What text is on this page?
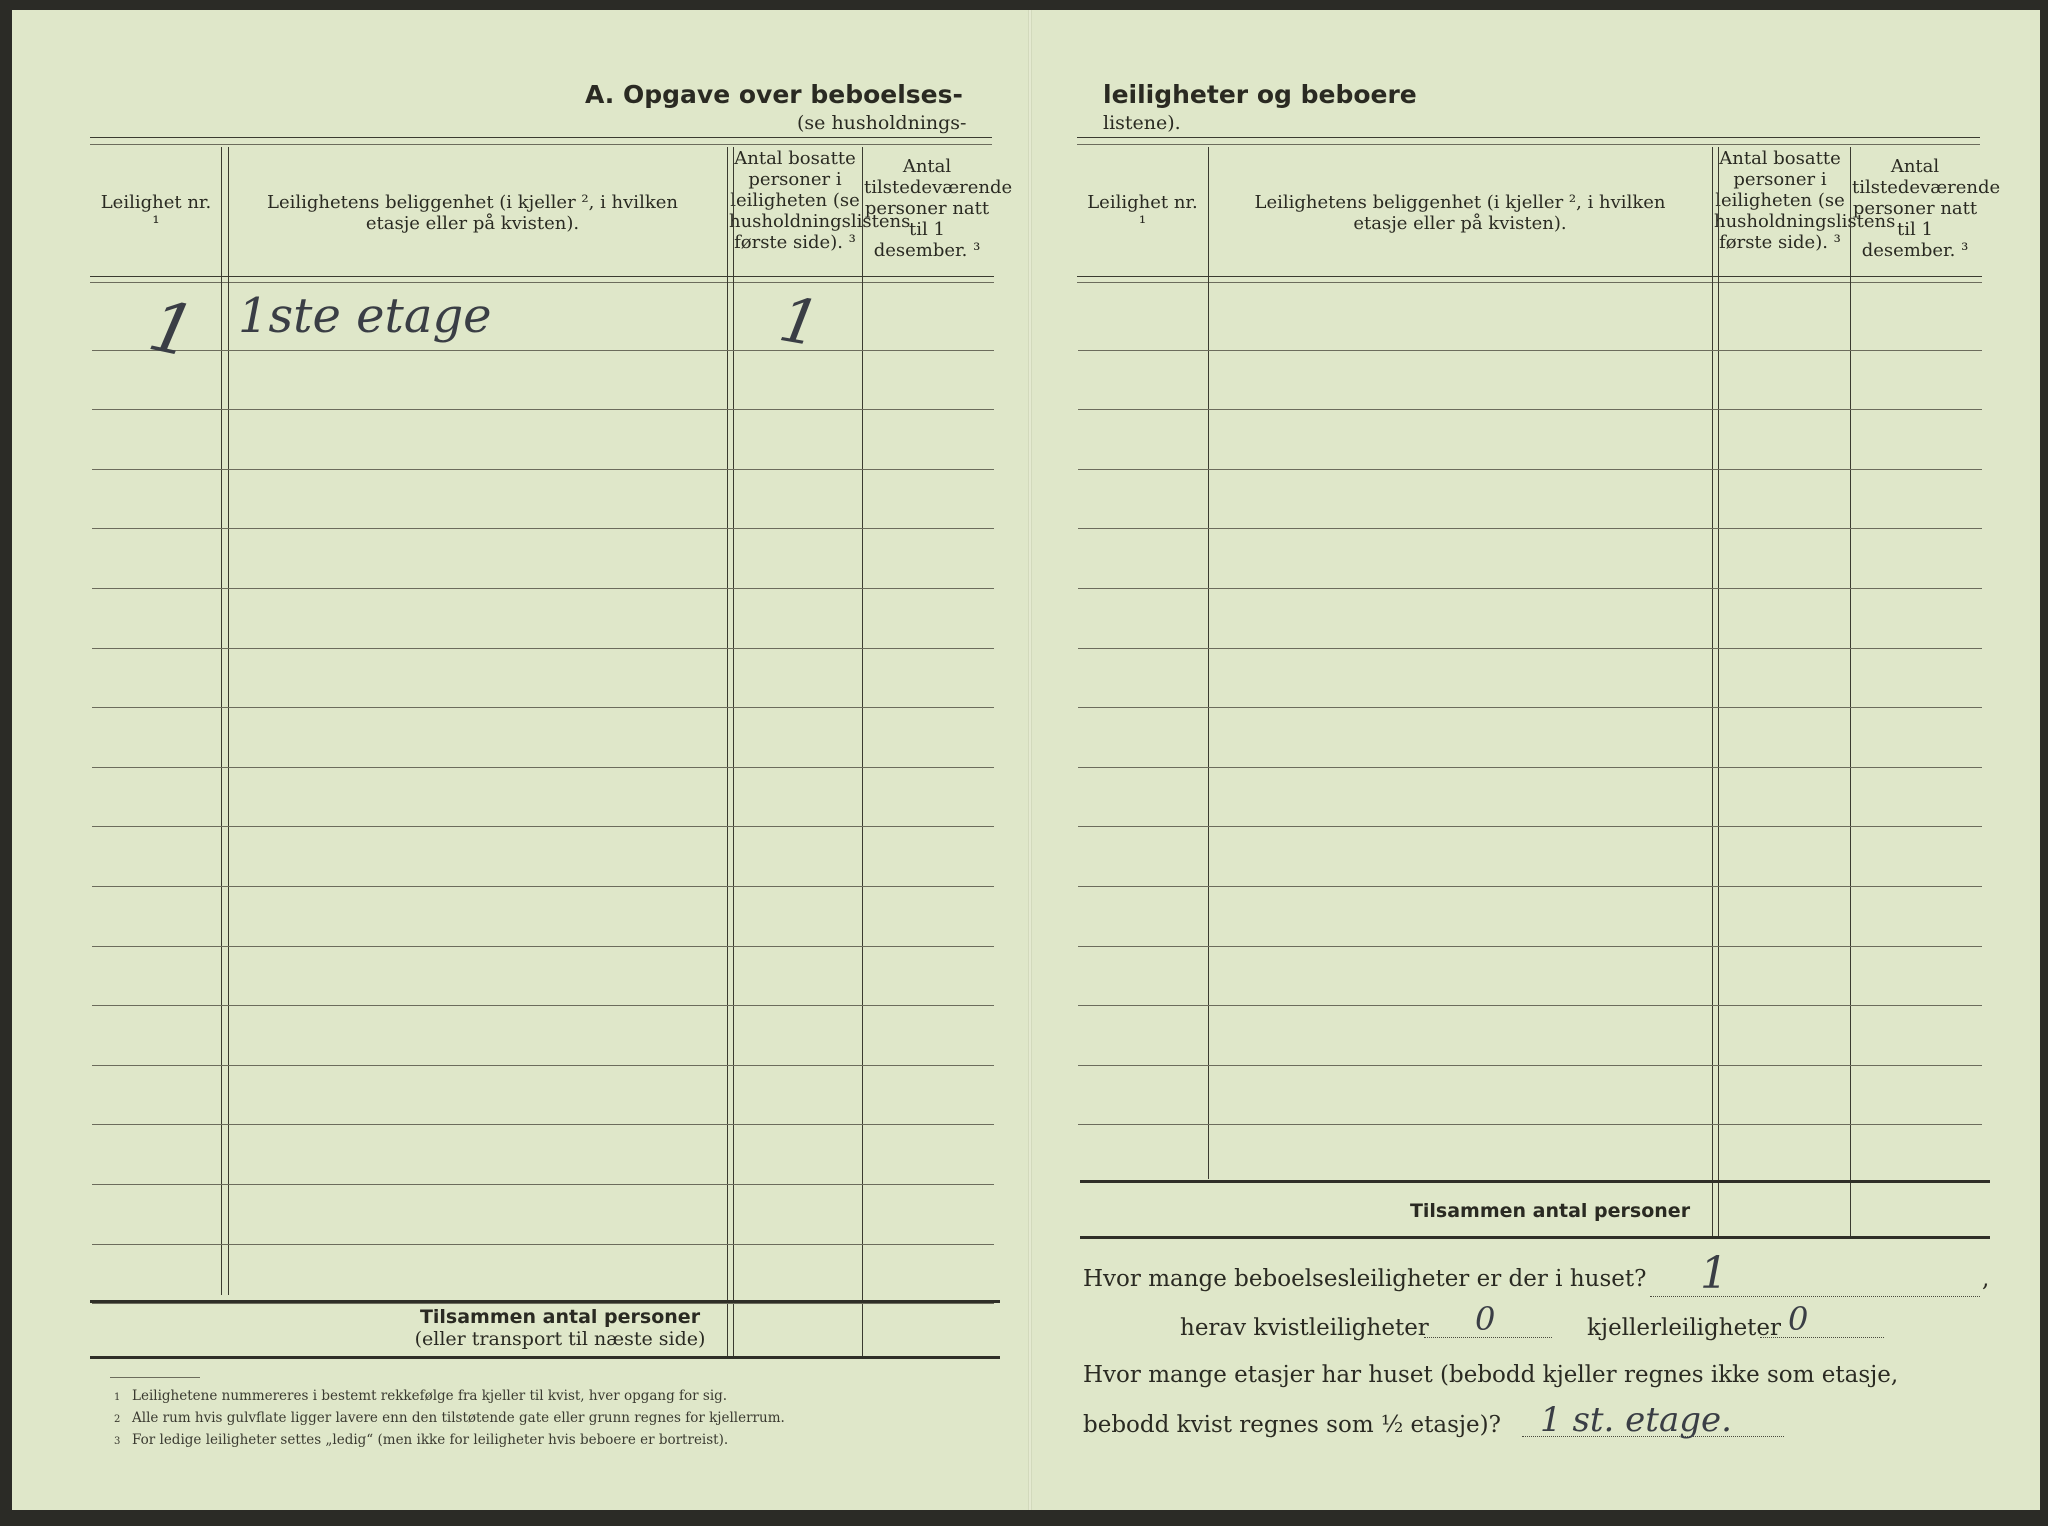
A. Opgave over beboelses-
(se husholdnings-
Leilighet nr. ¹
Leilighetens beliggenhet (i kjeller ², i hvilken etasje eller på kvisten).
Antal bosatte personer i leiligheten (se husholdningslistens første side). ³
Antal tilstedeværende personer natt til 1 desember. ³
1 1ste etage	1
Tilsammen antal personer
(eller transport til næste side)
1 Leilighetene nummereres i bestemt rekkefølge fra kjeller til kvist, hver opgang for sig.
2 Alle rum hvis gulvflate ligger lavere enn den tilstøtende gate eller grunn regnes for kjellerrum.
3 For ledige leiligheter settes „ledig“ (men ikke for leiligheter hvis beboere er bortreist).
leiligheter og beboere
listene).
Leilighet nr. ¹
Leilighetens beliggenhet (i kjeller ², i hvilken etasje eller på kvisten).
Antal bosatte personer i leiligheten (se husholdningslistens første side). ³
Antal tilstedeværende personer natt til 1 desember. ³
Tilsammen antal personer
Hvor mange beboelsesleiligheter er der i huset? 1	,
herav kvistleiligheter 0	kjellerleiligheter 0
Hvor mange etasjer har huset (bebodd kjeller regnes ikke som etasje,
bebodd kvist regnes som ½ etasje)? 1 st. etage.
